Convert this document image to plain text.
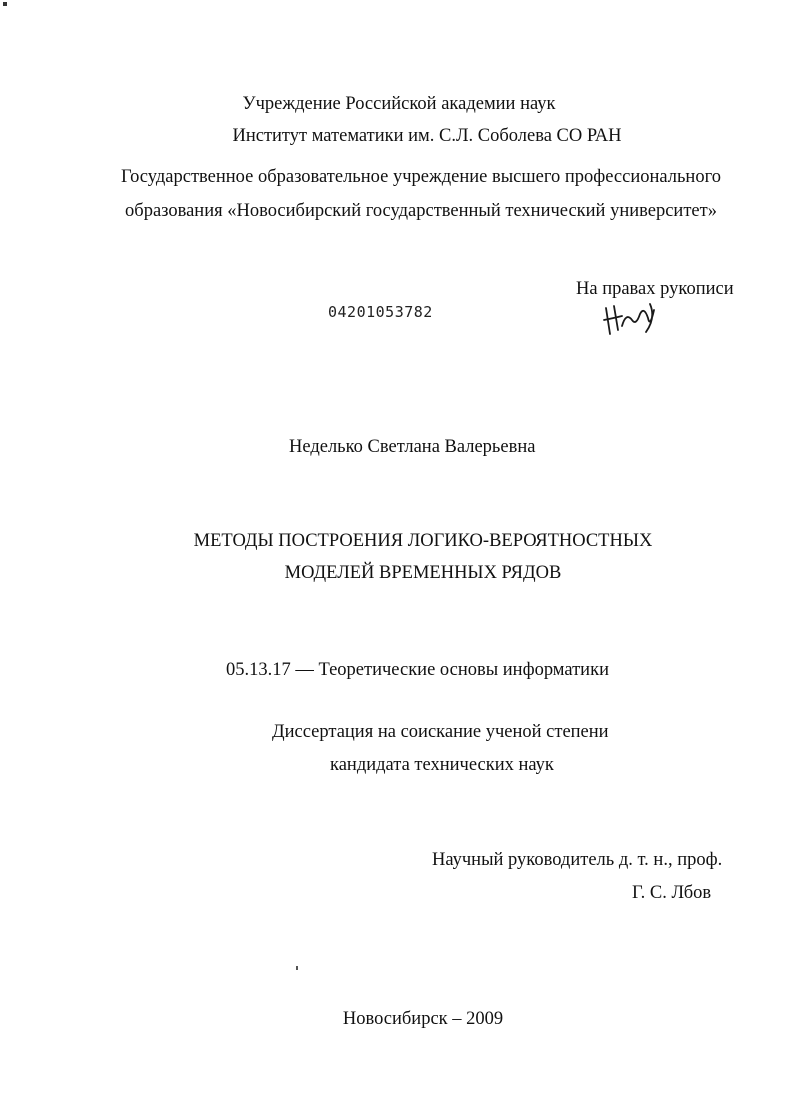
Учреждение Российской академии наук
Институт математики им. С.Л. Соболева СО РАН
Государственное образовательное учреждение высшего профессионального
образования «Новосибирский государственный технический университет»
На правах рукописи
04201053782
Неделько Светлана Валерьевна
МЕТОДЫ ПОСТРОЕНИЯ ЛОГИКО-ВЕРОЯТНОСТНЫХ
МОДЕЛЕЙ ВРЕМЕННЫХ РЯДОВ
05.13.17 — Теоретические основы информатики
Диссертация на соискание ученой степени
кандидата технических наук
Научный руководитель д. т. н., проф.
Г. С. Лбов
Новосибирск – 2009
